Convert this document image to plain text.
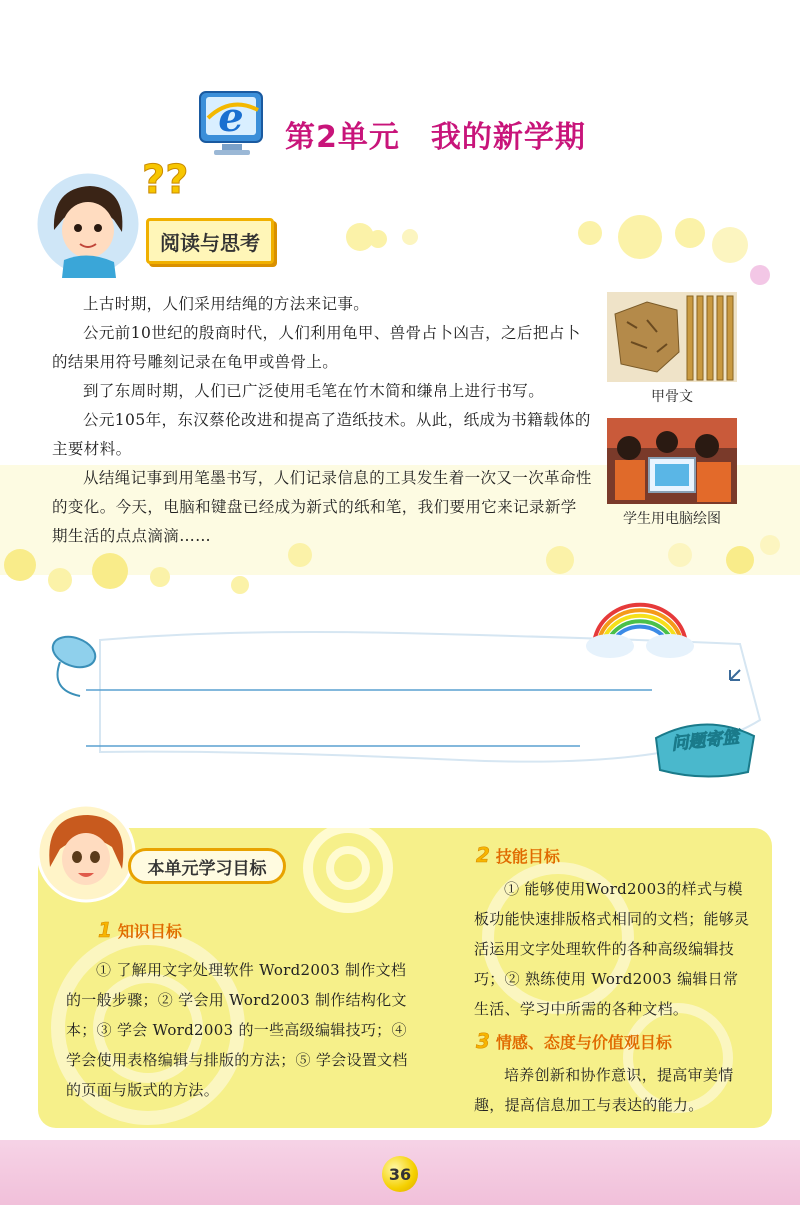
e 第2单元　我的新学期
??
阅读与思考

上古时期，人们采用结绳的方法来记事。

公元前10世纪的殷商时代，人们利用龟甲、兽骨占卜凶吉，之后把占卜的结果用符号雕刻记录在龟甲或兽骨上。

到了东周时期，人们已广泛使用毛笔在竹木简和缣帛上进行书写。

公元105年，东汉蔡伦改进和提高了造纸技术。从此，纸成为书籍载体的主要材料。

从结绳记事到用笔墨书写，人们记录信息的工具发生着一次又一次革命性的变化。今天，电脑和键盘已经成为新式的纸和笔，我们要用它来记录新学期生活的点点滴滴……

甲骨文
学生用电脑绘图
问题寄篮
本单元学习目标
1 知识目标

① 了解用文字处理软件 Word2003 制作文档的一般步骤；② 学会用 Word2003 制作结构化文本；③ 学会 Word2003 的一些高级编辑技巧；④ 学会使用表格编辑与排版的方法；⑤ 学会设置文档的页面与版式的方法。

2 技能目标

① 能够使用Word2003的样式与模板功能快速排版格式相同的文档；能够灵活运用文字处理软件的各种高级编辑技巧；② 熟练使用 Word2003 编辑日常生活、学习中所需的各种文档。

3 情感、态度与价值观目标

培养创新和协作意识，提高审美情趣，提高信息加工与表达的能力。

36
